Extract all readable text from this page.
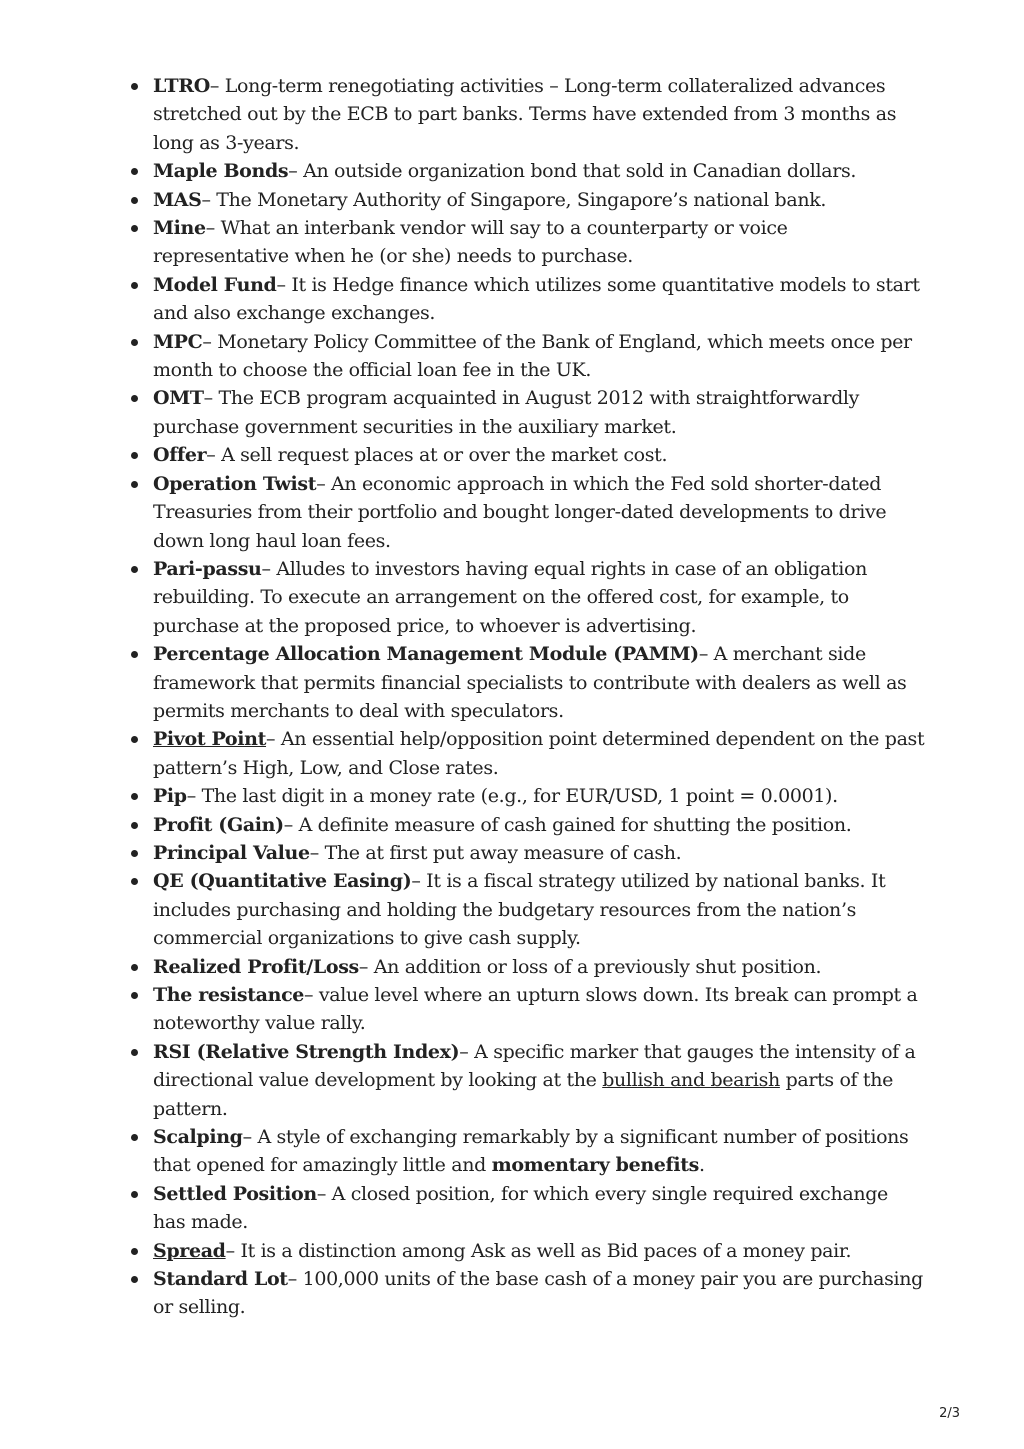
LTRO– Long-term renegotiating activities – Long-term collateralized advances stretched out by the ECB to part banks. Terms have extended from 3 months as long as 3-years.
Maple Bonds– An outside organization bond that sold in Canadian dollars.
MAS– The Monetary Authority of Singapore, Singapore’s national bank.
Mine– What an interbank vendor will say to a counterparty or voice representative when he (or she) needs to purchase.
Model Fund– It is Hedge finance which utilizes some quantitative models to start and also exchange exchanges.
MPC– Monetary Policy Committee of the Bank of England, which meets once per month to choose the official loan fee in the UK.
OMT– The ECB program acquainted in August 2012 with straightforwardly purchase government securities in the auxiliary market.
Offer– A sell request places at or over the market cost.
Operation Twist– An economic approach in which the Fed sold shorter-dated Treasuries from their portfolio and bought longer-dated developments to drive down long haul loan fees.
Pari-passu– Alludes to investors having equal rights in case of an obligation rebuilding. To execute an arrangement on the offered cost, for example, to purchase at the proposed price, to whoever is advertising.
Percentage Allocation Management Module (PAMM)– A merchant side framework that permits financial specialists to contribute with dealers as well as permits merchants to deal with speculators.
Pivot Point– An essential help/opposition point determined dependent on the past pattern’s High, Low, and Close rates.
Pip– The last digit in a money rate (e.g., for EUR/USD, 1 point = 0.0001).
Profit (Gain)– A definite measure of cash gained for shutting the position.
Principal Value– The at first put away measure of cash.
QE (Quantitative Easing)– It is a fiscal strategy utilized by national banks. It includes purchasing and holding the budgetary resources from the nation’s commercial organizations to give cash supply.
Realized Profit/Loss– An addition or loss of a previously shut position.
The resistance– value level where an upturn slows down. Its break can prompt a noteworthy value rally.
RSI (Relative Strength Index)– A specific marker that gauges the intensity of a directional value development by looking at the bullish and bearish parts of the pattern.
Scalping– A style of exchanging remarkably by a significant number of positions that opened for amazingly little and momentary benefits.
Settled Position– A closed position, for which every single required exchange has made.
Spread– It is a distinction among Ask as well as Bid paces of a money pair.
Standard Lot– 100,000 units of the base cash of a money pair you are purchasing or selling.
2/3
